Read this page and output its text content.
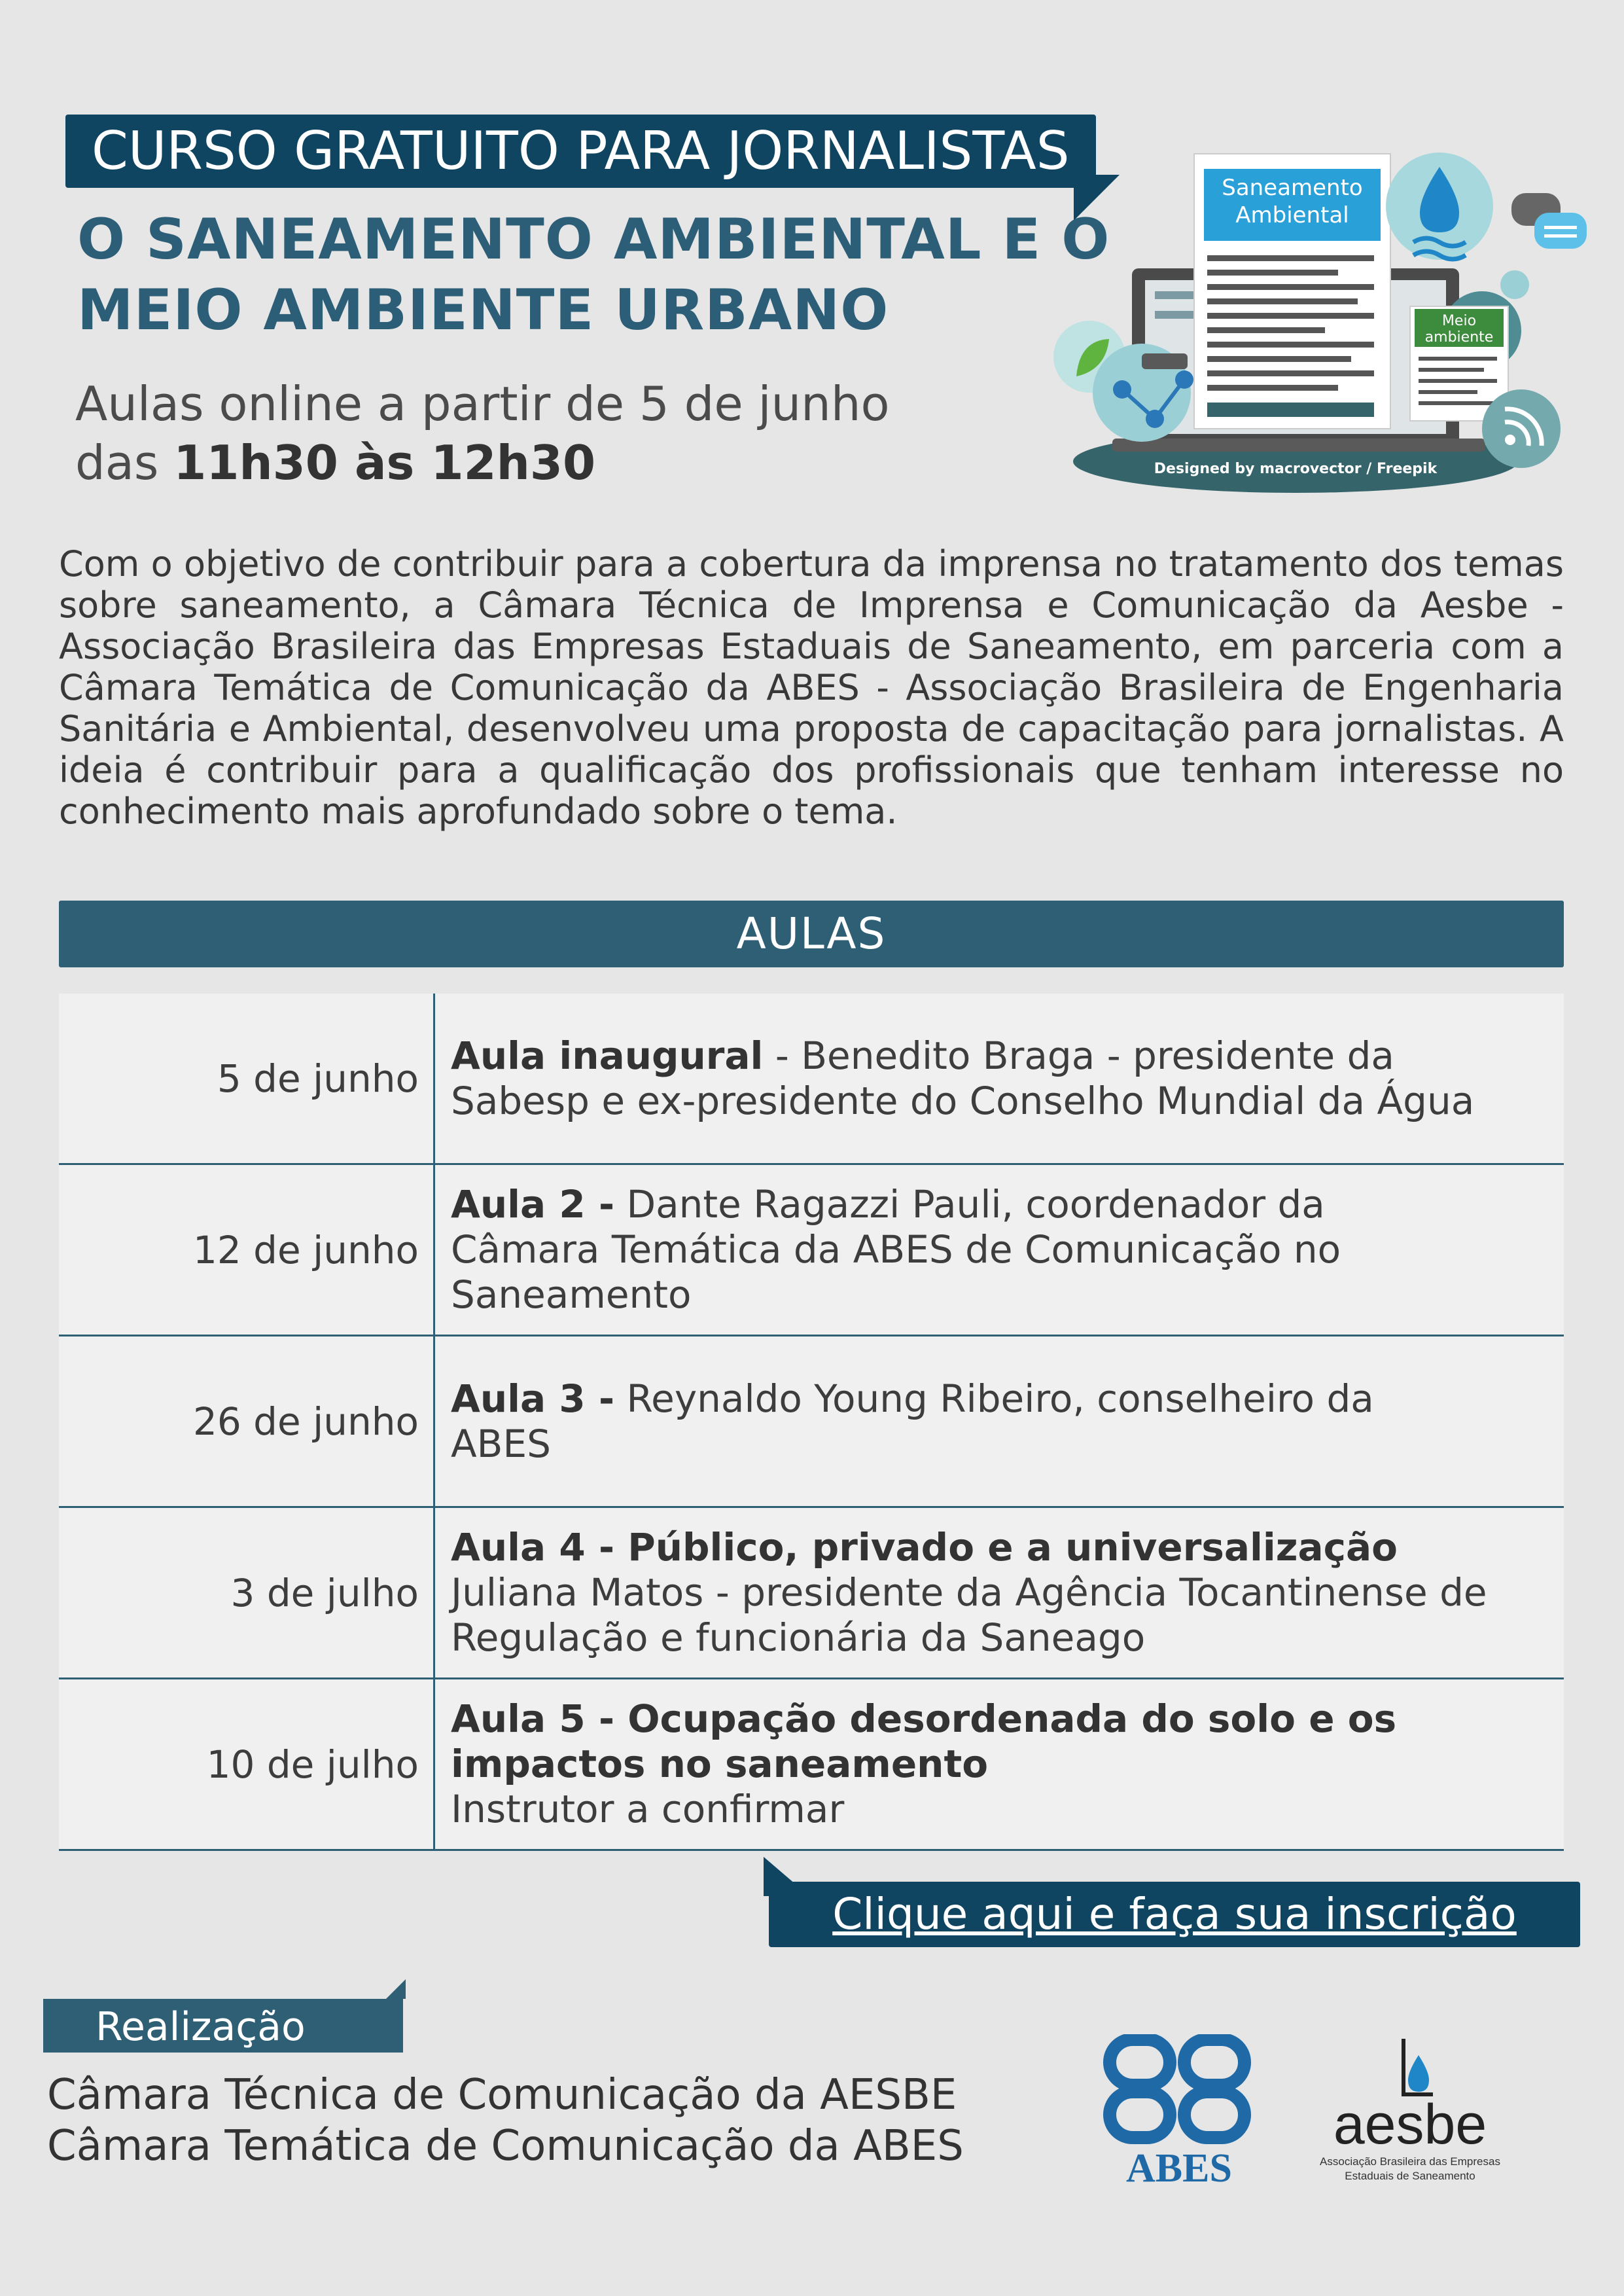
CURSO GRATUITO PARA JORNALISTAS
O SANEAMENTO AMBIENTAL E O
MEIO AMBIENTE URBANO
Aulas online a partir de 5 de junho
das 11h30 às 12h30	Designed by macrovector / Freepik
Saneamento
Ambiental
Meio
ambiente
Com o objetivo de contribuir para a cobertura da imprensa no tratamento dos temas sobre saneamento, a Câmara Técnica de Imprensa e Comunicação da Aesbe - Associação Brasileira das Empresas Estaduais de Saneamento, em parceria com a Câmara Temática de Comunicação da ABES - Associação Brasileira de Engenharia Sanitária e Ambiental, desenvolveu uma proposta de capacitação para jornalistas. A ideia é contribuir para a qualificação dos profissionais que tenham interesse no conhecimento mais aprofundado sobre o tema.
AULAS
5 de junho
Aula inaugural - Benedito Braga - presidente da
Sabesp e ex-presidente do Conselho Mundial da Água
12 de junho
Aula 2 - Dante Ragazzi Pauli, coordenador da
Câmara Temática da ABES de Comunicação no Saneamento
26 de junho
Aula 3 - Reynaldo Young Ribeiro, conselheiro da
ABES
3 de julho
Aula 4 - Público, privado e a universalização
Juliana Matos - presidente da Agência Tocantinense de Regulação e funcionária da Saneago
10 de julho
Aula 5 - Ocupação desordenada do solo e os impactos no saneamento
Instrutor a confirmar
Clique aqui e faça sua inscrição
Realização
Câmara Técnica de Comunicação da AESBE
Câmara Temática de Comunicação da ABES	ABES
aesbe
Associação Brasileira das Empresas
Estaduais de Saneamento
